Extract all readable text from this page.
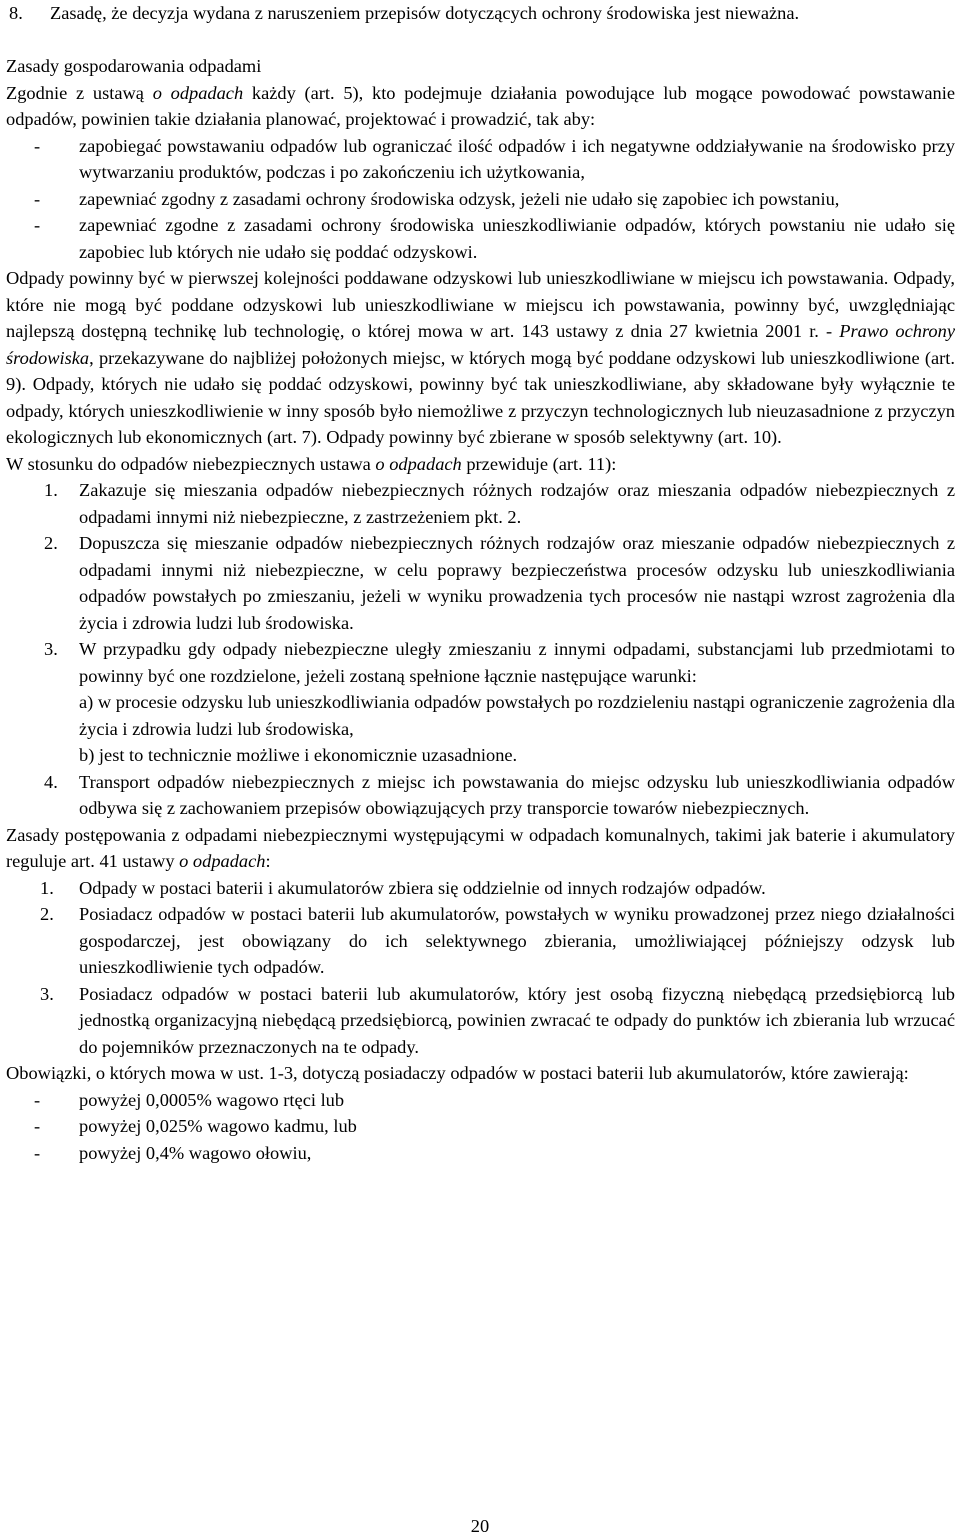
8.	Zasadę, że decyzja wydana z naruszeniem przepisów dotyczących ochrony środowiska jest nieważna.

Zasady gospodarowania odpadami

Zgodnie z ustawą o odpadach każdy (art. 5), kto podejmuje działania powodujące lub mogące powodować powstawanie odpadów, powinien takie działania planować, projektować i prowadzić, tak aby:

-	zapobiegać powstawaniu odpadów lub ograniczać ilość odpadów i ich negatywne oddziaływanie na środowisko przy wytwarzaniu produktów, podczas i po zakończeniu ich użytkowania,
-	zapewniać zgodny z zasadami ochrony środowiska odzysk, jeżeli nie udało się zapobiec ich powstaniu,
-	zapewniać zgodne z zasadami ochrony środowiska unieszkodliwianie odpadów, których powstaniu nie udało się zapobiec lub których nie udało się poddać odzyskowi.

Odpady powinny być w pierwszej kolejności poddawane odzyskowi lub unieszkodliwiane w miejscu ich powstawania. Odpady, które nie mogą być poddane odzyskowi lub unieszkodliwiane w miejscu ich powstawania, powinny być, uwzględniając najlepszą dostępną technikę lub technologię, o której mowa w art. 143 ustawy z dnia 27 kwietnia 2001 r. - Prawo ochrony środowiska, przekazywane do najbliżej położonych miejsc, w których mogą być poddane odzyskowi lub unieszkodliwione (art. 9). Odpady, których nie udało się poddać odzyskowi, powinny być tak unieszkodliwiane, aby składowane były wyłącznie te odpady, których unieszkodliwienie w inny sposób było niemożliwe z przyczyn technologicznych lub nieuzasadnione z przyczyn ekologicznych lub ekonomicznych (art. 7). Odpady powinny być zbierane w sposób selektywny (art. 10).

W stosunku do odpadów niebezpiecznych ustawa o odpadach przewiduje (art. 11):

1.	Zakazuje się mieszania odpadów niebezpiecznych różnych rodzajów oraz mieszania odpadów niebezpiecznych z odpadami innymi niż niebezpieczne, z zastrzeżeniem pkt. 2.
2.	Dopuszcza się mieszanie odpadów niebezpiecznych różnych rodzajów oraz mieszanie odpadów niebezpiecznych z odpadami innymi niż niebezpieczne, w celu poprawy bezpieczeństwa procesów odzysku lub unieszkodliwiania odpadów powstałych po zmieszaniu, jeżeli w wyniku prowadzenia tych procesów nie nastąpi wzrost zagrożenia dla życia i zdrowia ludzi lub środowiska.
3.	W przypadku gdy odpady niebezpieczne uległy zmieszaniu z innymi odpadami, substancjami lub przedmiotami to powinny być one rozdzielone, jeżeli zostaną spełnione łącznie następujące warunki:

a) w procesie odzysku lub unieszkodliwiania odpadów powstałych po rozdzieleniu nastąpi ograniczenie zagrożenia dla życia i zdrowia ludzi lub środowiska,

b) jest to technicznie możliwe i ekonomicznie uzasadnione.

4.	Transport odpadów niebezpiecznych z miejsc ich powstawania do miejsc odzysku lub unieszkodliwiania odpadów odbywa się z zachowaniem przepisów obowiązujących przy transporcie towarów niebezpiecznych.

Zasady postępowania z odpadami niebezpiecznymi występującymi w odpadach komunalnych, takimi jak baterie i akumulatory reguluje art. 41 ustawy o odpadach:

1.	Odpady w postaci baterii i akumulatorów zbiera się oddzielnie od innych rodzajów odpadów.
2.	Posiadacz odpadów w postaci baterii lub akumulatorów, powstałych w wyniku prowadzonej przez niego działalności gospodarczej, jest obowiązany do ich selektywnego zbierania, umożliwiającej późniejszy odzysk lub unieszkodliwienie tych odpadów.
3.	Posiadacz odpadów w postaci baterii lub akumulatorów, który jest osobą fizyczną niebędącą przedsiębiorcą lub jednostką organizacyjną niebędącą przedsiębiorcą, powinien zwracać te odpady do punktów ich zbierania lub wrzucać do pojemników przeznaczonych na te odpady.

Obowiązki, o których mowa w ust. 1-3, dotyczą posiadaczy odpadów w postaci baterii lub akumulatorów, które zawierają:

-	powyżej 0,0005% wagowo rtęci lub
-	powyżej 0,025% wagowo kadmu, lub
-	powyżej 0,4% wagowo ołowiu,
20
